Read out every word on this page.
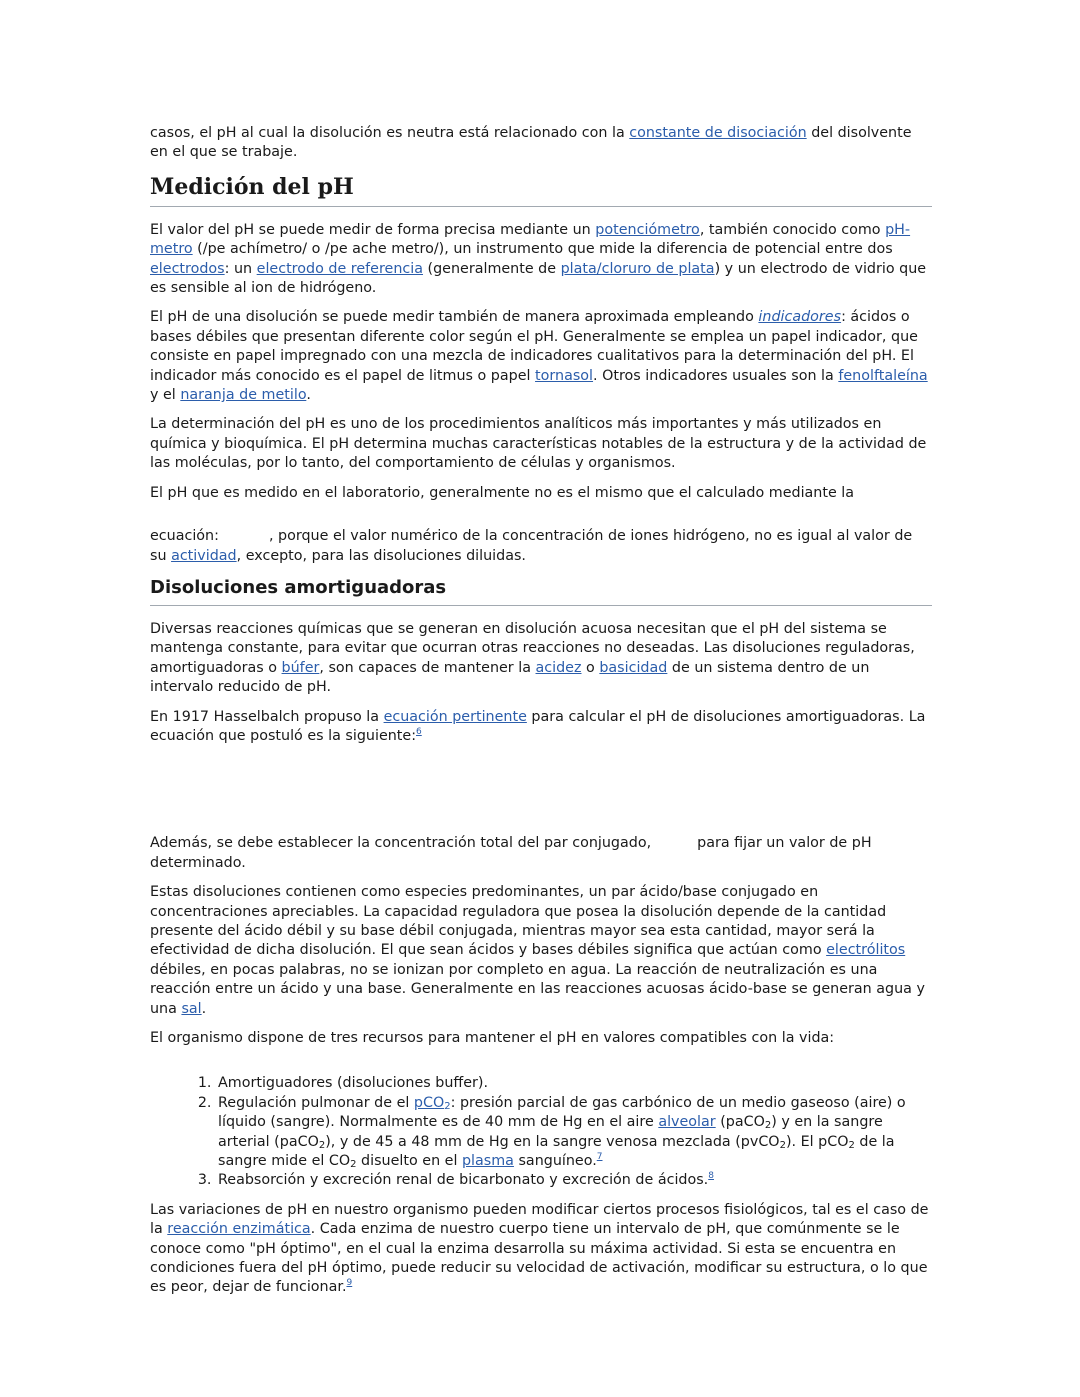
casos, el pH al cual la disolución es neutra está relacionado con la constante de disociación del disolvente en el que se trabaje.

Medición del pH

El valor del pH se puede medir de forma precisa mediante un potenciómetro, también conocido como pH-metro (/pe achímetro/ o /pe ache metro/), un instrumento que mide la diferencia de potencial entre dos electrodos: un electrodo de referencia (generalmente de plata/cloruro de plata) y un electrodo de vidrio que es sensible al ion de hidrógeno.

El pH de una disolución se puede medir también de manera aproximada empleando indicadores: ácidos o bases débiles que presentan diferente color según el pH. Generalmente se emplea un papel indicador, que consiste en papel impregnado con una mezcla de indicadores cualitativos para la determinación del pH. El indicador más conocido es el papel de litmus o papel tornasol. Otros indicadores usuales son la fenolftaleína y el naranja de metilo.

La determinación del pH es uno de los procedimientos analíticos más importantes y más utilizados en química y bioquímica. El pH determina muchas características notables de la estructura y de la actividad de las moléculas, por lo tanto, del comportamiento de células y organismos.

El pH que es medido en el laboratorio, generalmente no es el mismo que el calculado mediante la

ecuación:	, porque el valor numérico de la concentración de iones hidrógeno, no es igual al valor de su actividad, excepto, para las disoluciones diluidas.

Disoluciones amortiguadoras

Diversas reacciones químicas que se generan en disolución acuosa necesitan que el pH del sistema se mantenga constante, para evitar que ocurran otras reacciones no deseadas. Las disoluciones reguladoras, amortiguadoras o búfer, son capaces de mantener la acidez o basicidad de un sistema dentro de un intervalo reducido de pH.

En 1917 Hasselbalch propuso la ecuación pertinente para calcular el pH de disoluciones amortiguadoras. La ecuación que postuló es la siguiente:$^6$

Además, se debe establecer la concentración total del par conjugado,	para fijar un valor de pH determinado.

Estas disoluciones contienen como especies predominantes, un par ácido/base conjugado en concentraciones apreciables. La capacidad reguladora que posea la disolución depende de la cantidad presente del ácido débil y su base débil conjugada, mientras mayor sea esta cantidad, mayor será la efectividad de dicha disolución. El que sean ácidos y bases débiles significa que actúan como electrólitos débiles, en pocas palabras, no se ionizan por completo en agua. La reacción de neutralización es una reacción entre un ácido y una base. Generalmente en las reacciones acuosas ácido-base se generan agua y una sal.

El organismo dispone de tres recursos para mantener el pH en valores compatibles con la vida:

1. Amortiguadores (disoluciones buffer).
2. Regulación pulmonar de el pCO$_2$: presión parcial de gas carbónico de un medio gaseoso (aire) o líquido (sangre). Normalmente es de 40 mm de Hg en el aire alveolar (paCO$_2$) y en la sangre arterial (paCO$_2$), y de 45 a 48 mm de Hg en la sangre venosa mezclada (pvCO$_2$). El pCO$_2$ de la sangre mide el $CO_2$ disuelto en el plasma sanguíneo.$^7$
3. Reabsorción y excreción renal de bicarbonato y excreción de ácidos.$^8$

Las variaciones de pH en nuestro organismo pueden modificar ciertos procesos fisiológicos, tal es el caso de la reacción enzimática. Cada enzima de nuestro cuerpo tiene un intervalo de pH, que comúnmente se le conoce como "pH óptimo", en el cual la enzima desarrolla su máxima actividad. Si esta se encuentra en condiciones fuera del pH óptimo, puede reducir su velocidad de activación, modificar su estructura, o lo que es peor, dejar de funcionar.$^9$
